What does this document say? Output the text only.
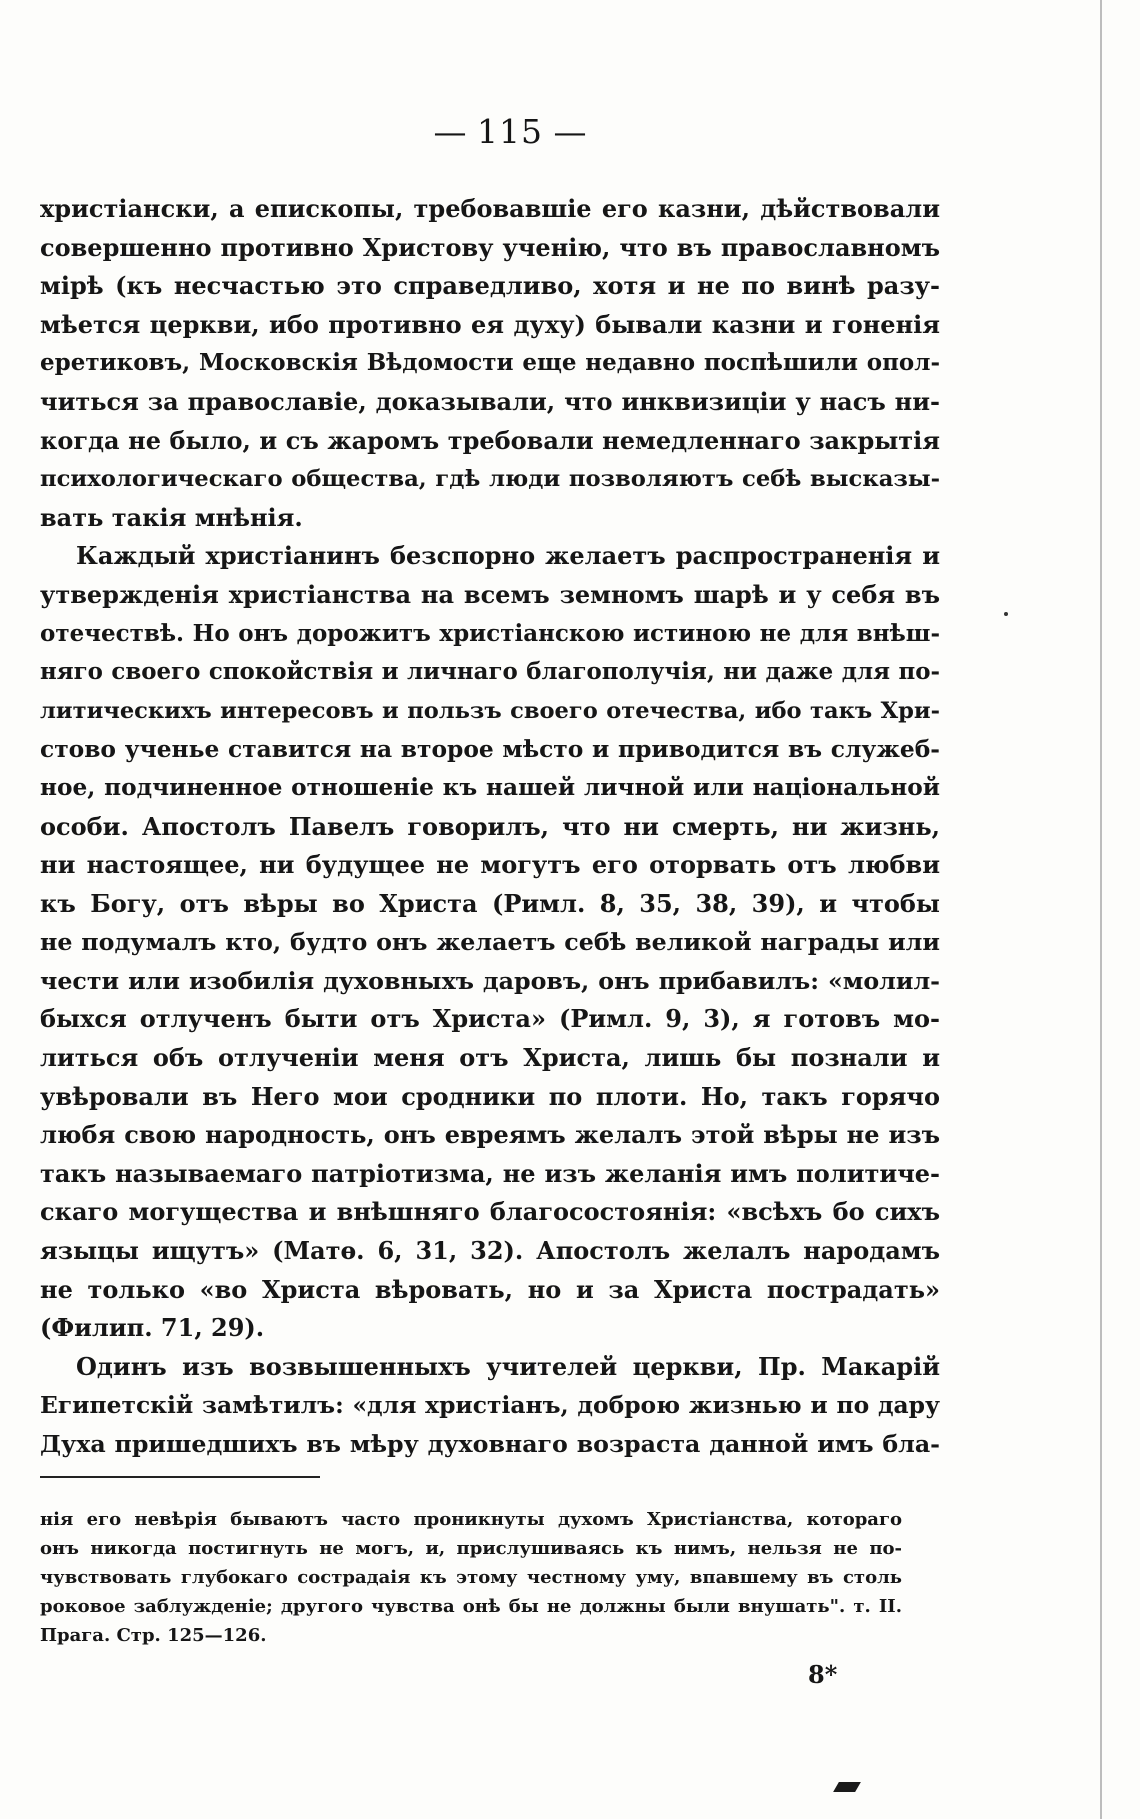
— 115 —
христіански, а епископы, требовавшіе его казни, дѣйствовали
совершенно противно Христову ученію, что въ православномъ
мірѣ (къ несчастью это справедливо, хотя и не по винѣ разу-
мѣется церкви, ибо противно ея духу) бывали казни и гоненія
еретиковъ, Московскія Вѣдомости еще недавно поспѣшили опол-
читься за православіе, доказывали, что инквизиціи у насъ ни-
когда не было, и съ жаромъ требовали немедленнаго закрытія
психологическаго общества, гдѣ люди позволяютъ себѣ высказы-
вать такія мнѣнія.
Каждый христіанинъ безспорно желаетъ распространенія и
утвержденія христіанства на всемъ земномъ шарѣ и у себя въ
отечествѣ. Но онъ дорожитъ христіанскою истиною не для внѣш-
няго своего спокойствія и личнаго благополучія, ни даже для по-
литическихъ интересовъ и пользъ своего отечества, ибо такъ Хри-
стово ученье ставится на второе мѣсто и приводится въ служеб-
ное, подчиненное отношеніе къ нашей личной или національной
особи. Апостолъ Павелъ говорилъ, что ни смерть, ни жизнь,
ни настоящее, ни будущее не могутъ его оторвать отъ любви
къ Богу, отъ вѣры во Христа (Римл. 8, 35, 38, 39), и чтобы
не подумалъ кто, будто онъ желаетъ себѣ великой награды или
чести или изобилія духовныхъ даровъ, онъ прибавилъ: «молил-
быхся отлученъ быти отъ Христа» (Римл. 9, 3), я готовъ мо-
литься объ отлученіи меня отъ Христа, лишь бы познали и
увѣровали въ Него мои сродники по плоти. Но, такъ горячо
любя свою народность, онъ евреямъ желалъ этой вѣры не изъ
такъ называемаго патріотизма, не изъ желанія имъ политиче-
скаго могущества и внѣшняго благосостоянія: «всѣхъ бо сихъ
языцы ищутъ» (Матѳ. 6, 31, 32). Апостолъ желалъ народамъ
не только «во Христа вѣровать, но и за Христа пострадать»
(Филип. 71, 29).
Одинъ изъ возвышенныхъ учителей церкви, Пр. Макарій
Египетскій замѣтилъ: «для христіанъ, доброю жизнью и по дару
Духа пришедшихъ въ мѣру духовнаго возраста данной имъ бла-
нія его невѣрія бываютъ часто проникнуты духомъ Христіанства, котораго
онъ никогда постигнуть не могъ, и, прислушиваясь къ нимъ, нельзя не по-
чувствовать глубокаго сострадаія къ этому честному уму, впавшему въ столь
роковое заблужденіе; другого чувства онѣ бы не должны были внушать". т. II.
Прага. Стр. 125—126.
8*
